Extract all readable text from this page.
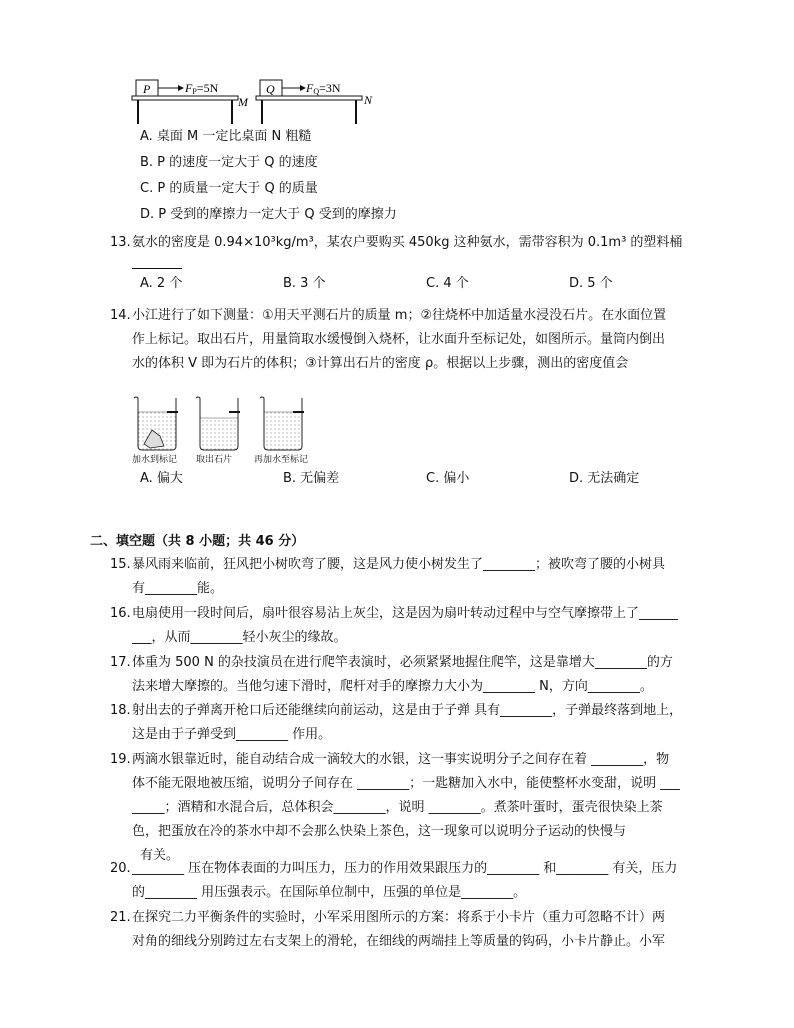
P	FP=5N
M
Q	FQ=3N
N
A. 桌面 M 一定比桌面 N 粗糙
B. P 的速度一定大于 Q 的速度
C. P 的质量一定大于 Q 的质量
D. P 受到的摩擦力一定大于 Q 受到的摩擦力
13. 氨水的密度是 0.94×10³kg/m³，某农户要购买 450kg 这种氨水，需带容积为 0.1m³ 的塑料桶
A. 2 个	B. 3 个	C. 4 个	D. 5 个
14. 小江进行了如下测量：①用天平测石片的质量 m；②往烧杯中加适量水浸没石片。在水面位置
作上标记。取出石片，用量筒取水缓慢倒入烧杯，让水面升至标记处，如图所示。量筒内倒出
水的体积 V 即为石片的体积；③计算出石片的密度 ρ。根据以上步骤，测出的密度值会
加水到标记 取出石片 再加水至标记
A. 偏大	B. 无偏差	C. 偏小	D. 无法确定
二、填空题（共 8 小题；共 46 分）
15. 暴风雨来临前，狂风把小树吹弯了腰，这是风力使小树发生了________；被吹弯了腰的小树具
有________能。
16. 电扇使用一段时间后，扇叶很容易沾上灰尘，这是因为扇叶转动过程中与空气摩擦带上了______
___，从而________轻小灰尘的缘故。
17. 体重为 500 N 的杂技演员在进行爬竿表演时，必须紧紧地握住爬竿，这是靠增大________的方
法来增大摩擦的。当他匀速下滑时，爬杆对手的摩擦力大小为________ N，方向________。
18. 射出去的子弹离开枪口后还能继续向前运动，这是由于子弹 具有________，子弹最终落到地上，
这是由于子弹受到________ 作用。
19. 两滴水银靠近时，能自动结合成一滴较大的水银，这一事实说明分子之间存在着 ________，物
体不能无限地被压缩，说明分子间存在 ________；一匙糖加入水中，能使整杯水变甜，说明 ___
_____；酒精和水混合后，总体积会________，说明 ________。煮茶叶蛋时，蛋壳很快染上茶
色，把蛋放在冷的茶水中却不会那么快染上茶色，这一现象可以说明分子运动的快慢与
有关。
20. ________ 压在物体表面的力叫压力，压力的作用效果跟压力的________ 和________ 有关，压力
的________ 用压强表示。在国际单位制中，压强的单位是________。
21. 在探究二力平衡条件的实验时，小军采用图所示的方案：将系于小卡片（重力可忽略不计）两
对角的细线分别跨过左右支架上的滑轮，在细线的两端挂上等质量的钩码，小卡片静止。小军
